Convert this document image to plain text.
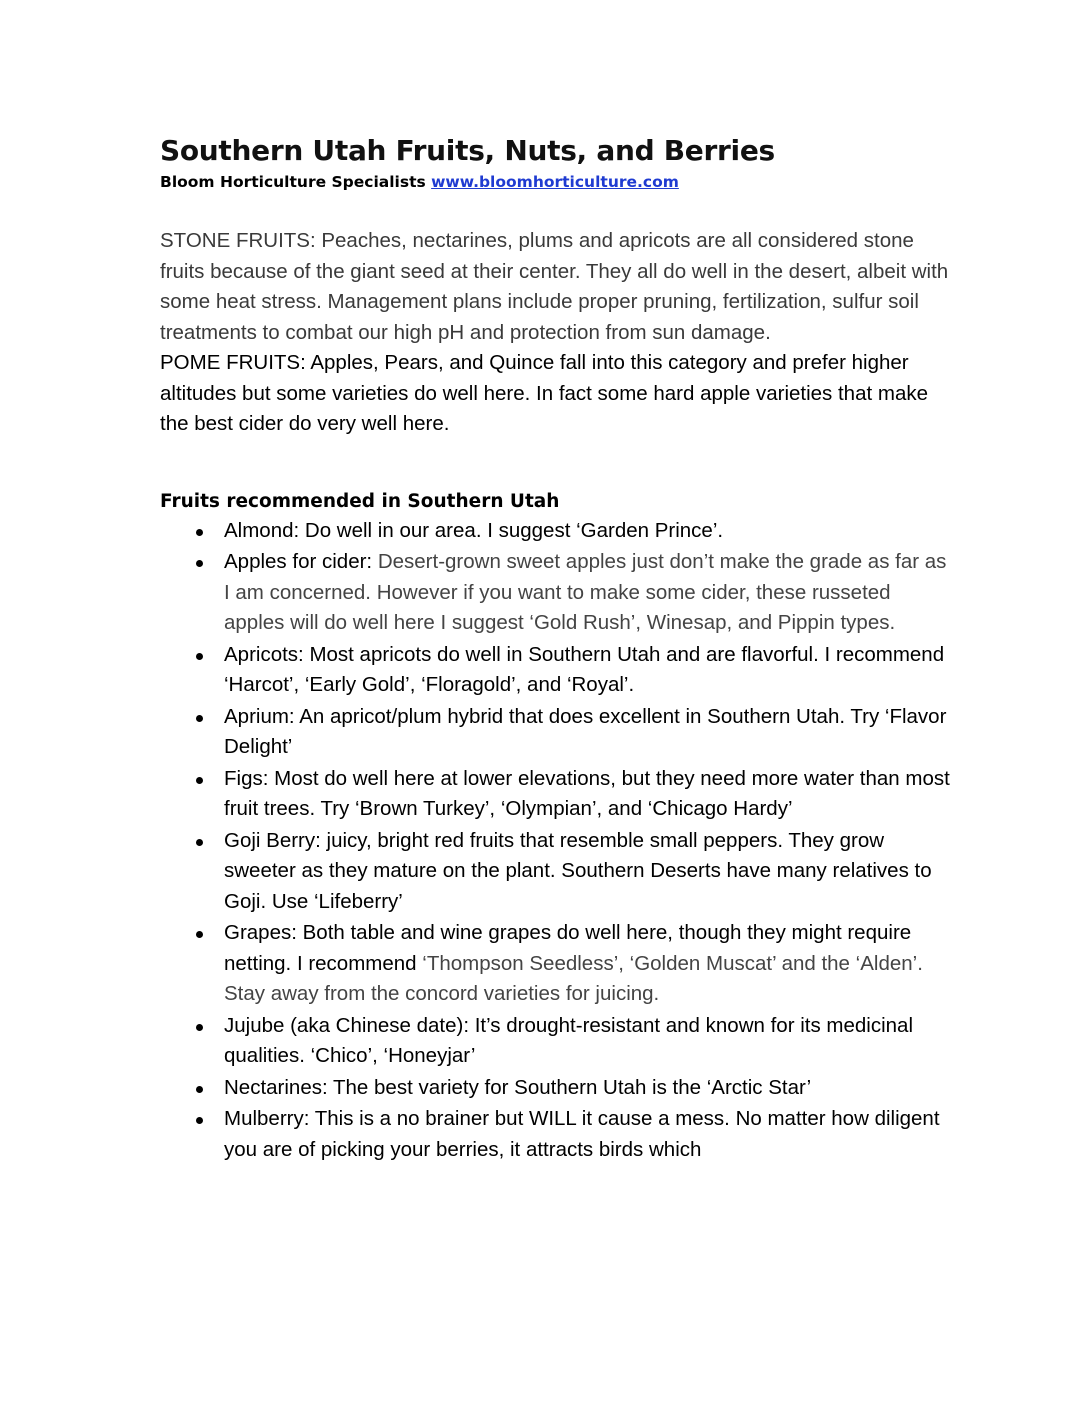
Southern Utah Fruits, Nuts, and Berries

Bloom Horticulture Specialists www.bloomhorticulture.com

STONE FRUITS: Peaches, nectarines, plums and apricots are all considered stone fruits because of the giant seed at their center. They all do well in the desert, albeit with some heat stress. Management plans include proper pruning, fertilization, sulfur soil treatments to combat our high pH and protection from sun damage.

POME FRUITS: Apples, Pears, and Quince fall into this category and prefer higher altitudes but some varieties do well here. In fact some hard apple varieties that make the best cider do very well here.

Fruits recommended in Southern Utah
Almond: Do well in our area. I suggest ‘Garden Prince’.
Apples for cider: Desert-grown sweet apples just don’t make the grade as far as I am concerned. However if you want to make some cider, these russeted apples will do well here I suggest ‘Gold Rush’, Winesap, and Pippin types.
Apricots: Most apricots do well in Southern Utah and are flavorful. I recommend ‘Harcot’, ‘Early Gold’, ‘Floragold’, and ‘Royal’.
Aprium: An apricot/plum hybrid that does excellent in Southern Utah. Try ‘Flavor Delight’
Figs: Most do well here at lower elevations, but they need more water than most fruit trees. Try ‘Brown Turkey’, ‘Olympian’, and ‘Chicago Hardy’
Goji Berry: juicy, bright red fruits that resemble small peppers. They grow sweeter as they mature on the plant. Southern Deserts have many relatives to Goji. Use ‘Lifeberry’
Grapes: Both table and wine grapes do well here, though they might require netting. I recommend ‘Thompson Seedless’, ‘Golden Muscat’ and the ‘Alden’. Stay away from the concord varieties for juicing.
Jujube (aka Chinese date): It’s drought-resistant and known for its medicinal qualities. ‘Chico’, ‘Honeyjar’
Nectarines: The best variety for Southern Utah is the ‘Arctic Star’
Mulberry: This is a no brainer but WILL it cause a mess. No matter how diligent you are of picking your berries, it attracts birds which
